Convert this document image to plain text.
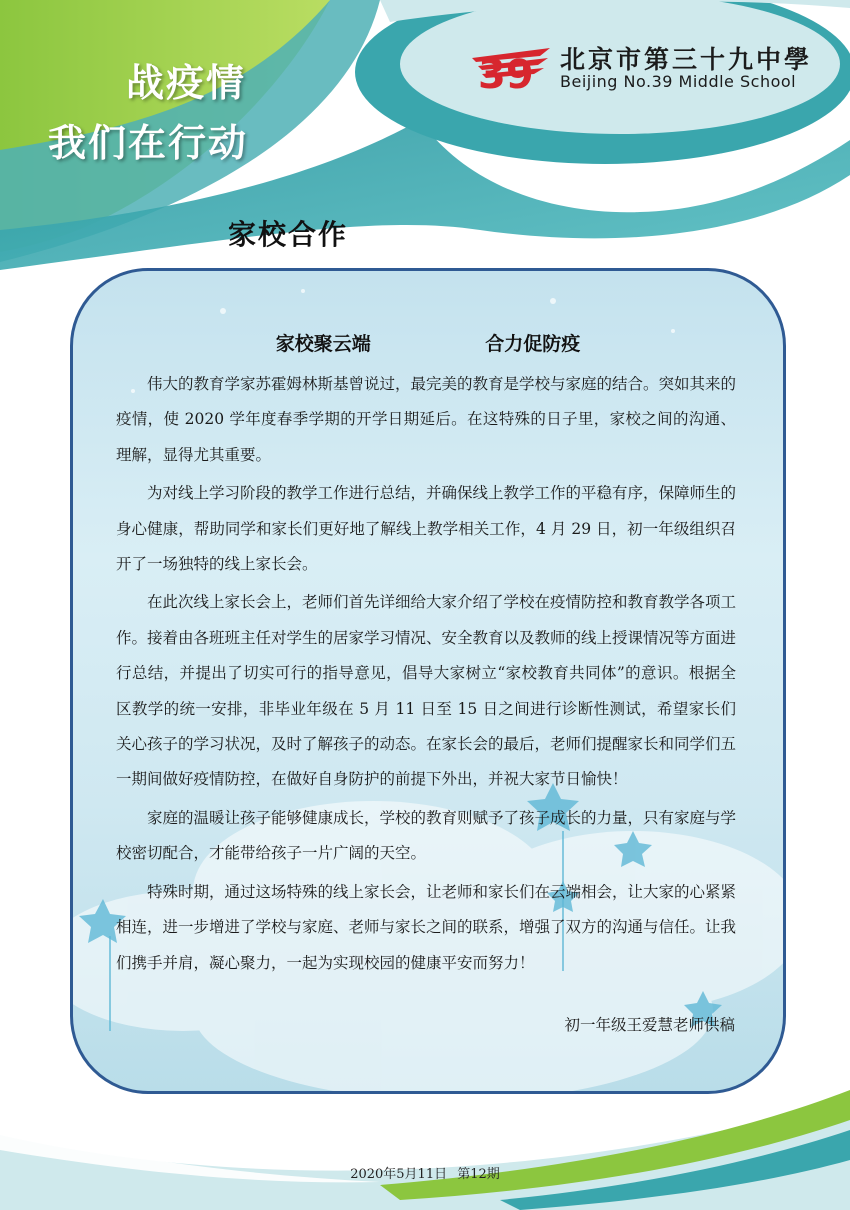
战疫情
我们在行动
39 北京市第三十九中學
Beijing No.39 Middle School
家校合作
家校聚云端    合力促防疫

伟大的教育学家苏霍姆林斯基曾说过，最完美的教育是学校与家庭的结合。突如其来的疫情，使 2020 学年度春季学期的开学日期延后。在这特殊的日子里，家校之间的沟通、理解，显得尤其重要。

为对线上学习阶段的教学工作进行总结，并确保线上教学工作的平稳有序，保障师生的身心健康，帮助同学和家长们更好地了解线上教学相关工作，4 月 29 日，初一年级组织召开了一场独特的线上家长会。

在此次线上家长会上，老师们首先详细给大家介绍了学校在疫情防控和教育教学各项工作。接着由各班班主任对学生的居家学习情况、安全教育以及教师的线上授课情况等方面进行总结，并提出了切实可行的指导意见，倡导大家树立“家校教育共同体”的意识。根据全区教学的统一安排，非毕业年级在 5 月 11 日至 15 日之间进行诊断性测试，希望家长们关心孩子的学习状况，及时了解孩子的动态。在家长会的最后，老师们提醒家长和同学们五一期间做好疫情防控，在做好自身防护的前提下外出，并祝大家节日愉快！

家庭的温暖让孩子能够健康成长，学校的教育则赋予了孩子成长的力量，只有家庭与学校密切配合，才能带给孩子一片广阔的天空。

特殊时期，通过这场特殊的线上家长会，让老师和家长们在云端相会，让大家的心紧紧相连，进一步增进了学校与家庭、老师与家长之间的联系，增强了双方的沟通与信任。让我们携手并肩，凝心聚力，一起为实现校园的健康平安而努力！

初一年级王爱慧老师供稿
2020年5月11日 第12期
